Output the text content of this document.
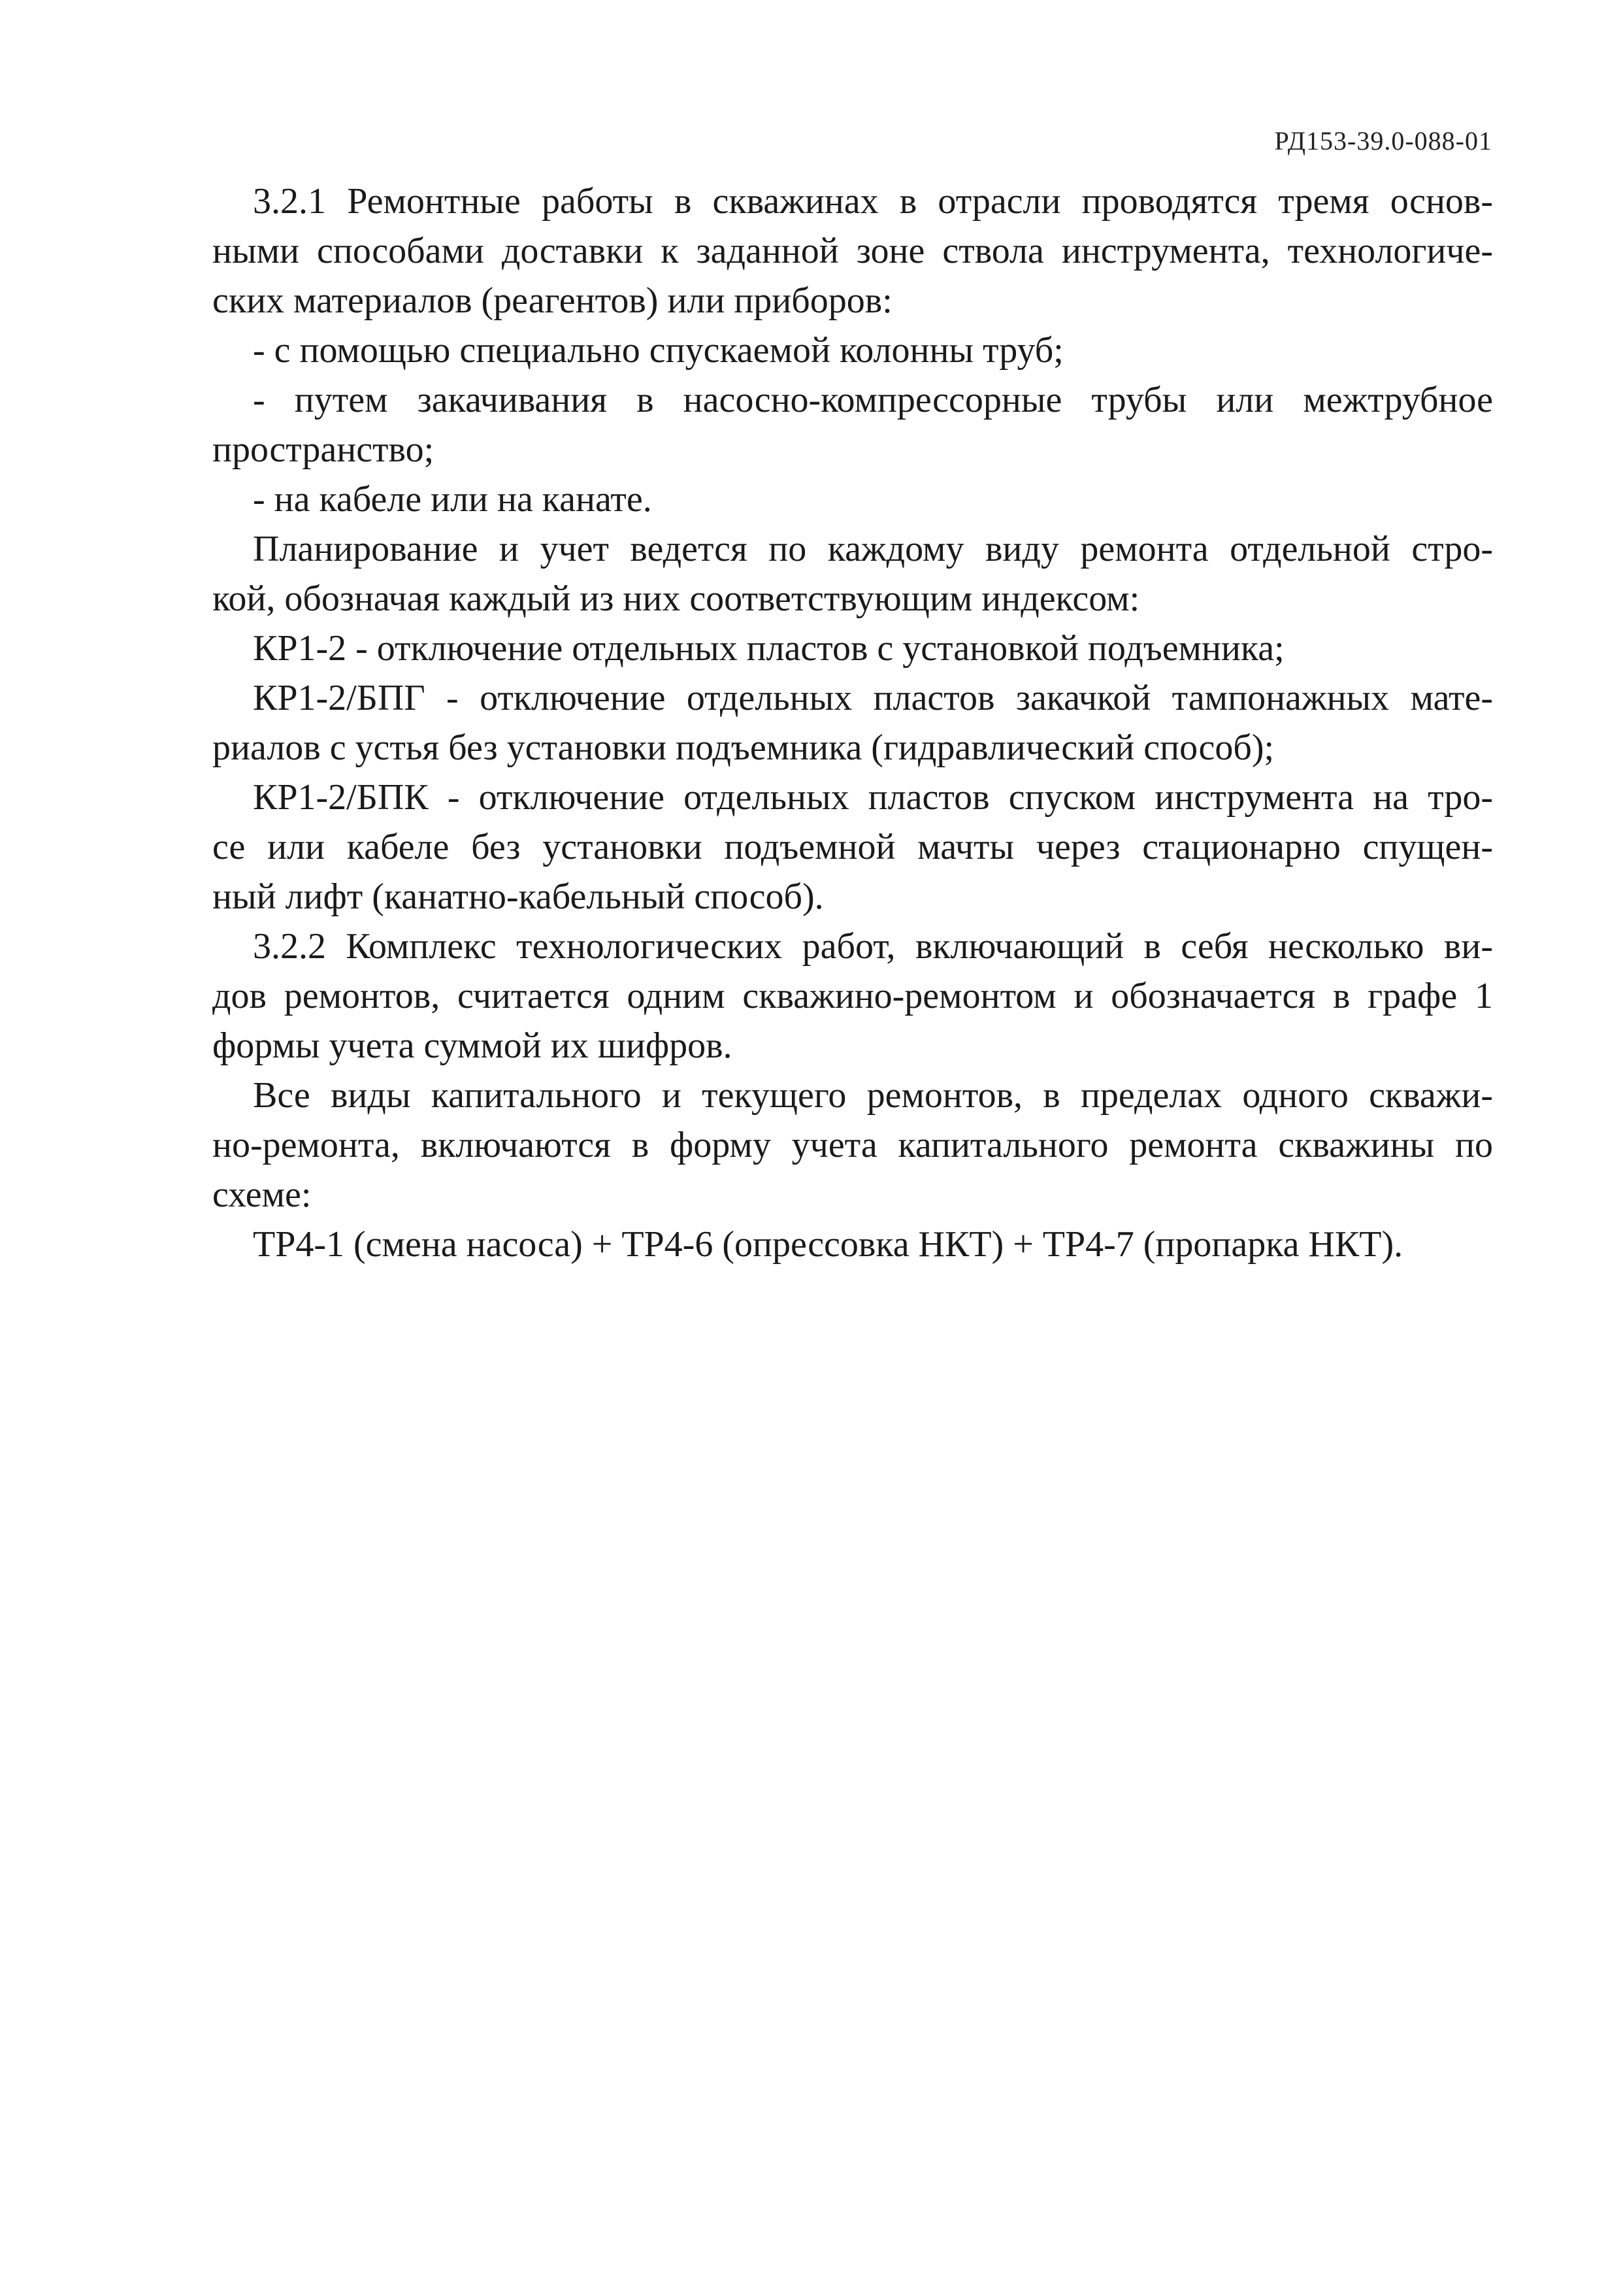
РД153-39.0-088-01
3.2.1 Ремонтные работы в скважинах в отрасли проводятся тремя основ-
ными способами доставки к заданной зоне ствола инструмента, технологиче-
ских материалов (реагентов) или приборов:
- с помощью специально спускаемой колонны труб;
- путем закачивания в насосно-компрессорные трубы или межтрубное
пространство;
- на кабеле или на канате.
Планирование и учет ведется по каждому виду ремонта отдельной стро-
кой, обозначая каждый из них соответствующим индексом:
КР1-2 - отключение отдельных пластов с установкой подъемника;
КР1-2/БПГ - отключение отдельных пластов закачкой тампонажных мате-
риалов с устья без установки подъемника (гидравлический способ);
КР1-2/БПК - отключение отдельных пластов спуском инструмента на тро-
се или кабеле без установки подъемной мачты через стационарно спущен-
ный лифт (канатно-кабельный способ).
3.2.2 Комплекс технологических работ, включающий в себя несколько ви-
дов ремонтов, считается одним скважино-ремонтом и обозначается в графе 1
формы учета суммой их шифров.
Все виды капитального и текущего ремонтов, в пределах одного скважи-
но-ремонта, включаются в форму учета капитального ремонта скважины по
схеме:
ТР4-1 (смена насоса) + ТР4-6 (опрессовка НКТ) + ТР4-7 (пропарка НКТ).
